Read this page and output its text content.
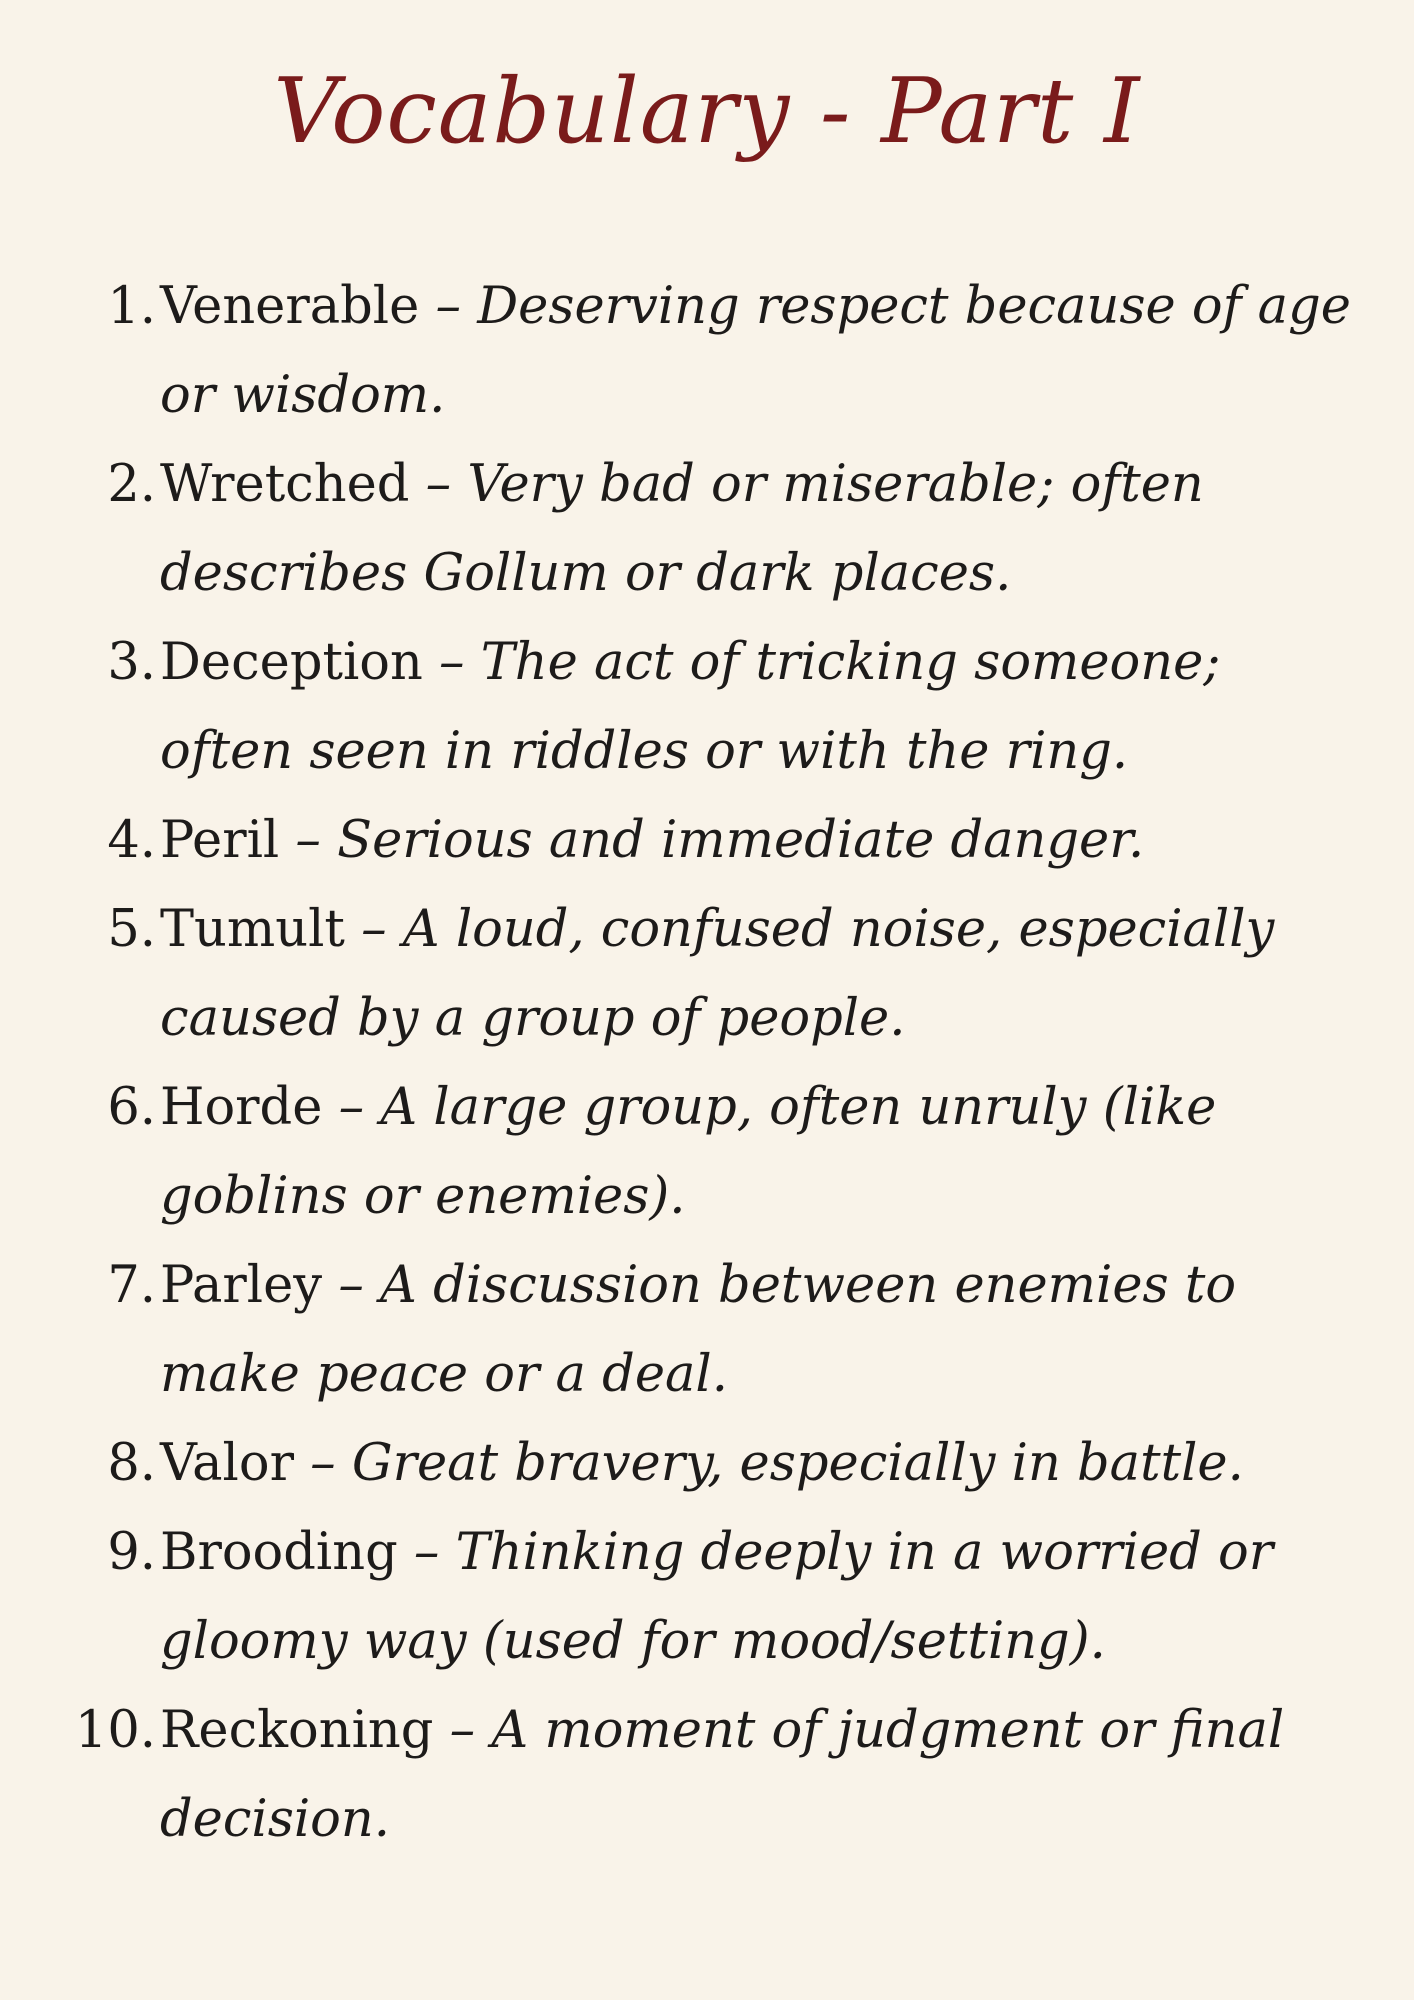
Vocabulary - Part I
1. Venerable – Deserving respect because of age or wisdom.
2. Wretched – Very bad or miserable; often describes Gollum or dark places.
3. Deception – The act of tricking someone; often seen in riddles or with the ring.
4. Peril – Serious and immediate danger.
5. Tumult – A loud, confused noise, especially caused by a group of people.
6. Horde – A large group, often unruly (like goblins or enemies).
7. Parley – A discussion between enemies to make peace or a deal.
8. Valor – Great bravery, especially in battle.
9. Brooding – Thinking deeply in a worried or gloomy way (used for mood/setting).
10. Reckoning – A moment of judgment or final decision.
